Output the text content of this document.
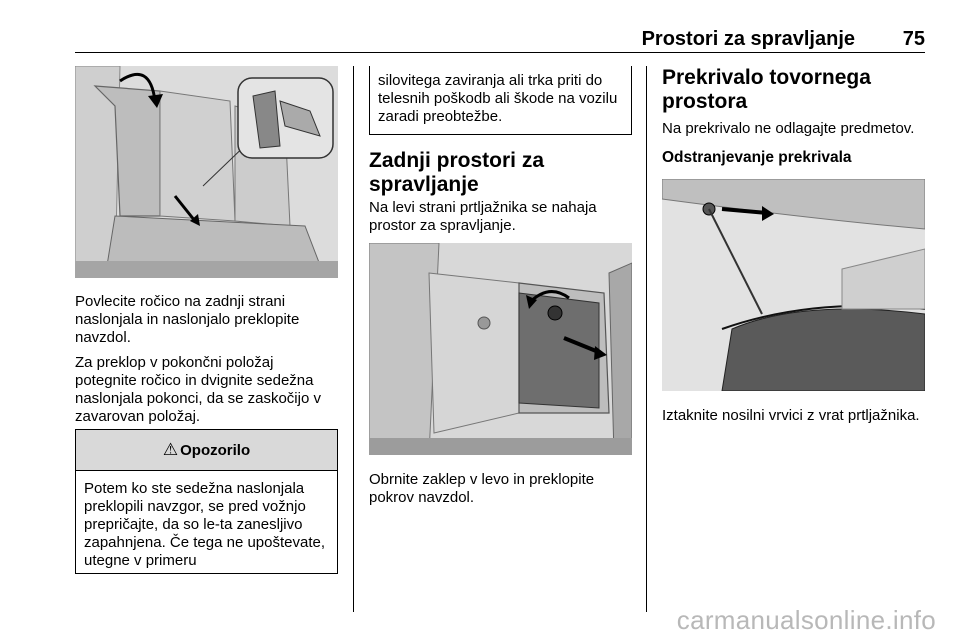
Prostori za spravljanje 75

Povlecite ročico na zadnji strani naslonjala in naslonjalo preklopite navzdol.

Za preklop v pokončni položaj potegnite ročico in dvignite sedežna naslonjala pokonci, da se zaskočijo v zavarovan položaj.

⚠ Opozorilo

Potem ko ste sedežna naslonjala preklopili navzgor, se pred vožnjo prepričajte, da so le-ta zanesljivo zapahnjena. Če tega ne upoštevate, utegne v primeru

silovitega zaviranja ali trka priti do telesnih poškodb ali škode na vozilu zaradi preobtežbe.

Zadnji prostori za spravljanje

Na levi strani prtljažnika se nahaja prostor za spravljanje.

Obrnite zaklep v levo in preklopite pokrov navzdol.

Prekrivalo tovornega prostora

Na prekrivalo ne odlagajte predmetov.

Odstranjevanje prekrivala

Iztaknite nosilni vrvici z vrat prtljažnika.

carmanualsonline.info
